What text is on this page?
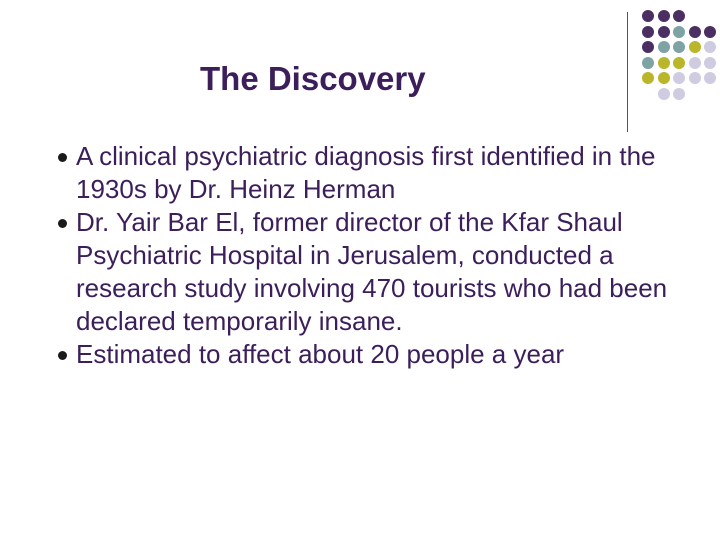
The Discovery
A clinical psychiatric diagnosis first identified in the 1930s by Dr. Heinz Herman
Dr. Yair Bar El, former director of the Kfar Shaul Psychiatric Hospital in Jerusalem, conducted a research study involving 470 tourists who had been declared temporarily insane.
Estimated to affect about 20 people a year
